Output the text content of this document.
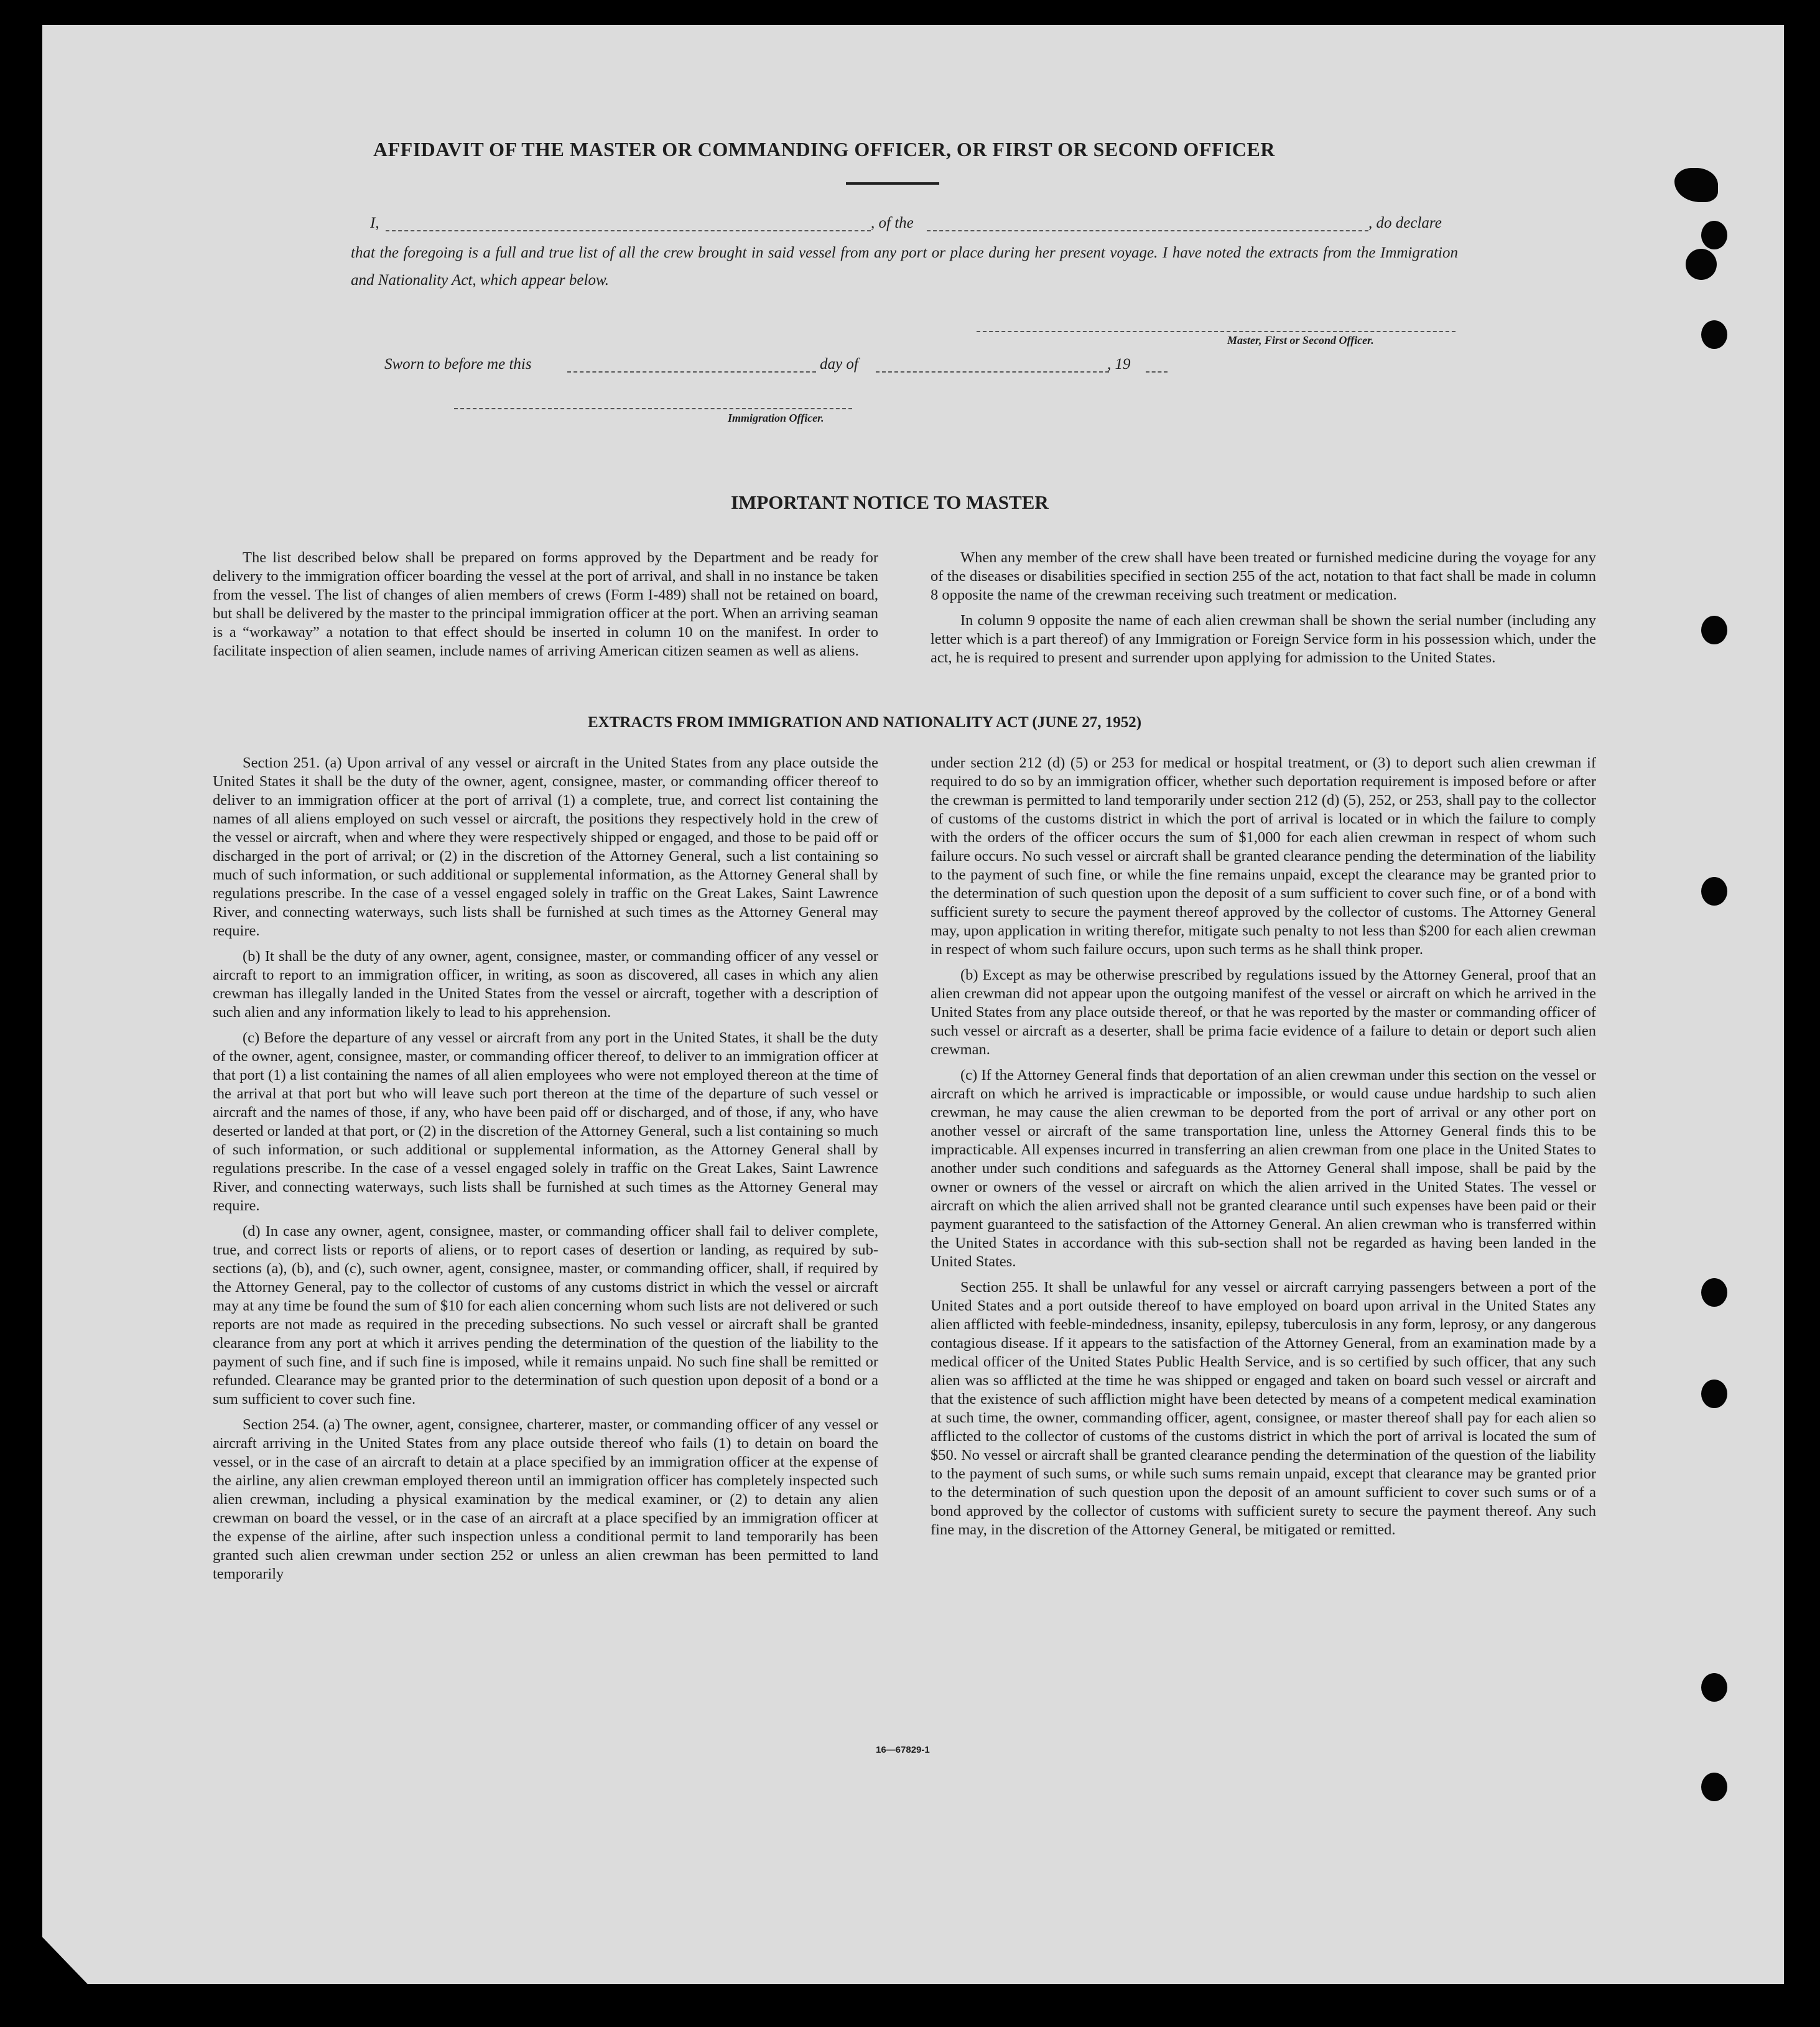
AFFIDAVIT OF THE MASTER OR COMMANDING OFFICER, OR FIRST OR SECOND OFFICER
I,	, of the	, do declare
that the foregoing is a full and true list of all the crew brought in said vessel from any port or place during her present voyage. I have noted the extracts from the Immigration and Nationality Act, which appear below.
Master, First or Second Officer.
Sworn to before me this	day of	, 19
Immigration Officer.
IMPORTANT NOTICE TO MASTER

The list described below shall be prepared on forms approved by the Department and be ready for delivery to the immigration officer boarding the vessel at the port of arrival, and shall in no instance be taken from the vessel. The list of changes of alien members of crews (Form I-489) shall not be retained on board, but shall be delivered by the master to the principal immigration officer at the port. When an arriving seaman is a “workaway” a notation to that effect should be inserted in column 10 on the manifest. In order to facilitate inspection of alien seamen, include names of arriving American citizen seamen as well as aliens.

When any member of the crew shall have been treated or furnished medicine during the voyage for any of the diseases or disabilities specified in section 255 of the act, notation to that fact shall be made in column 8 opposite the name of the crewman receiving such treatment or medication.

In column 9 opposite the name of each alien crewman shall be shown the serial number (including any letter which is a part thereof) of any Immigration or Foreign Service form in his possession which, under the act, he is required to present and surrender upon applying for admission to the United States.

EXTRACTS FROM IMMIGRATION AND NATIONALITY ACT (JUNE 27, 1952)

Section 251. (a) Upon arrival of any vessel or aircraft in the United States from any place outside the United States it shall be the duty of the owner, agent, consignee, master, or commanding officer thereof to deliver to an immigration officer at the port of arrival (1) a complete, true, and correct list containing the names of all aliens employed on such vessel or aircraft, the positions they respectively hold in the crew of the vessel or aircraft, when and where they were respectively shipped or engaged, and those to be paid off or discharged in the port of arrival; or (2) in the discretion of the Attorney General, such a list containing so much of such information, or such additional or supplemental information, as the Attorney General shall by regulations prescribe. In the case of a vessel engaged solely in traffic on the Great Lakes, Saint Lawrence River, and connecting waterways, such lists shall be furnished at such times as the Attorney General may require.

(b) It shall be the duty of any owner, agent, consignee, master, or commanding officer of any vessel or aircraft to report to an immigration officer, in writing, as soon as discovered, all cases in which any alien crewman has illegally landed in the United States from the vessel or aircraft, together with a description of such alien and any information likely to lead to his apprehension.

(c) Before the departure of any vessel or aircraft from any port in the United States, it shall be the duty of the owner, agent, consignee, master, or commanding officer thereof, to deliver to an immigration officer at that port (1) a list containing the names of all alien employees who were not employed thereon at the time of the arrival at that port but who will leave such port thereon at the time of the departure of such vessel or aircraft and the names of those, if any, who have been paid off or discharged, and of those, if any, who have deserted or landed at that port, or (2) in the discretion of the Attorney General, such a list containing so much of such information, or such additional or supplemental information, as the Attorney General shall by regulations prescribe. In the case of a vessel engaged solely in traffic on the Great Lakes, Saint Lawrence River, and connecting waterways, such lists shall be furnished at such times as the Attorney General may require.

(d) In case any owner, agent, consignee, master, or commanding officer shall fail to deliver complete, true, and correct lists or reports of aliens, or to report cases of desertion or landing, as required by sub-sections (a), (b), and (c), such owner, agent, consignee, master, or commanding officer, shall, if required by the Attorney General, pay to the collector of customs of any customs district in which the vessel or aircraft may at any time be found the sum of $10 for each alien concerning whom such lists are not delivered or such reports are not made as required in the preceding subsections. No such vessel or aircraft shall be granted clearance from any port at which it arrives pending the determination of the question of the liability to the payment of such fine, and if such fine is imposed, while it remains unpaid. No such fine shall be remitted or refunded. Clearance may be granted prior to the determination of such question upon deposit of a bond or a sum sufficient to cover such fine.

Section 254. (a) The owner, agent, consignee, charterer, master, or commanding officer of any vessel or aircraft arriving in the United States from any place outside thereof who fails (1) to detain on board the vessel, or in the case of an aircraft to detain at a place specified by an immigration officer at the expense of the airline, any alien crewman employed thereon until an immigration officer has completely inspected such alien crewman, including a physical examination by the medical examiner, or (2) to detain any alien crewman on board the vessel, or in the case of an aircraft at a place specified by an immigration officer at the expense of the airline, after such inspection unless a conditional permit to land temporarily has been granted such alien crewman under section 252 or unless an alien crewman has been permitted to land temporarily

under section 212 (d) (5) or 253 for medical or hospital treatment, or (3) to deport such alien crewman if required to do so by an immigration officer, whether such deportation requirement is imposed before or after the crewman is permitted to land temporarily under section 212 (d) (5), 252, or 253, shall pay to the collector of customs of the customs district in which the port of arrival is located or in which the failure to comply with the orders of the officer occurs the sum of $1,000 for each alien crewman in respect of whom such failure occurs. No such vessel or aircraft shall be granted clearance pending the determination of the liability to the payment of such fine, or while the fine remains unpaid, except the clearance may be granted prior to the determination of such question upon the deposit of a sum sufficient to cover such fine, or of a bond with sufficient surety to secure the payment thereof approved by the collector of customs. The Attorney General may, upon application in writing therefor, mitigate such penalty to not less than $200 for each alien crewman in respect of whom such failure occurs, upon such terms as he shall think proper.

(b) Except as may be otherwise prescribed by regulations issued by the Attorney General, proof that an alien crewman did not appear upon the outgoing manifest of the vessel or aircraft on which he arrived in the United States from any place outside thereof, or that he was reported by the master or commanding officer of such vessel or aircraft as a deserter, shall be prima facie evidence of a failure to detain or deport such alien crewman.

(c) If the Attorney General finds that deportation of an alien crewman under this section on the vessel or aircraft on which he arrived is impracticable or impossible, or would cause undue hardship to such alien crewman, he may cause the alien crewman to be deported from the port of arrival or any other port on another vessel or aircraft of the same transportation line, unless the Attorney General finds this to be impracticable. All expenses incurred in transferring an alien crewman from one place in the United States to another under such conditions and safeguards as the Attorney General shall impose, shall be paid by the owner or owners of the vessel or aircraft on which the alien arrived in the United States. The vessel or aircraft on which the alien arrived shall not be granted clearance until such expenses have been paid or their payment guaranteed to the satisfaction of the Attorney General. An alien crewman who is transferred within the United States in accordance with this sub-section shall not be regarded as having been landed in the United States.

Section 255. It shall be unlawful for any vessel or aircraft carrying passengers between a port of the United States and a port outside thereof to have employed on board upon arrival in the United States any alien afflicted with feeble-mindedness, insanity, epilepsy, tuberculosis in any form, leprosy, or any dangerous contagious disease. If it appears to the satisfaction of the Attorney General, from an examination made by a medical officer of the United States Public Health Service, and is so certified by such officer, that any such alien was so afflicted at the time he was shipped or engaged and taken on board such vessel or aircraft and that the existence of such affliction might have been detected by means of a competent medical examination at such time, the owner, commanding officer, agent, consignee, or master thereof shall pay for each alien so afflicted to the collector of customs of the customs district in which the port of arrival is located the sum of $50. No vessel or aircraft shall be granted clearance pending the determination of the question of the liability to the payment of such sums, or while such sums remain unpaid, except that clearance may be granted prior to the determination of such question upon the deposit of an amount sufficient to cover such sums or of a bond approved by the collector of customs with sufficient surety to secure the payment thereof. Any such fine may, in the discretion of the Attorney General, be mitigated or remitted.

16—67829-1
